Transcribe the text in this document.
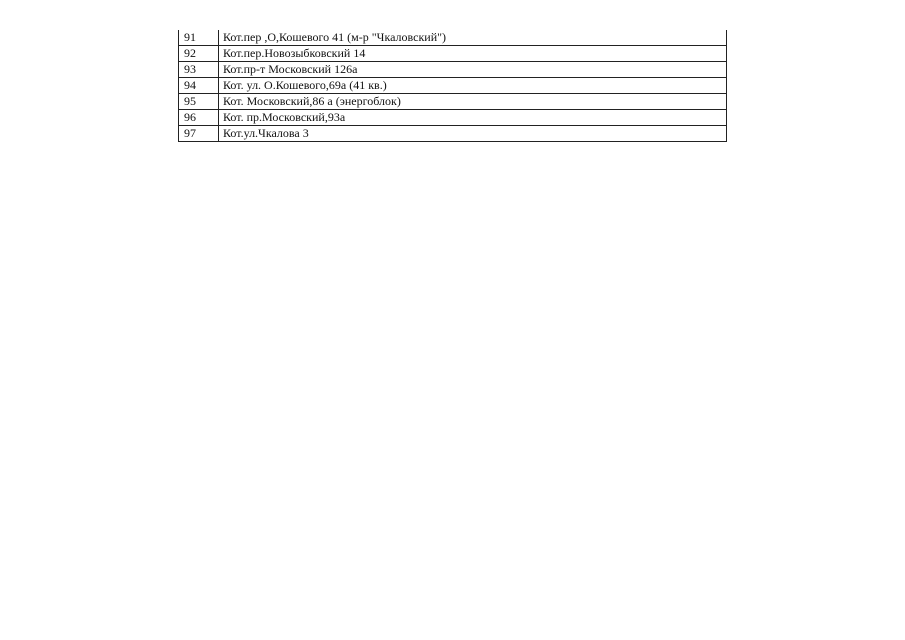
91	Кот.пер ,О,Кошевого 41 (м-р "Чкаловский")
92	Кот.пер.Новозыбковский 14
93	Кот.пр-т Московский 126а
94	Кот. ул. О.Кошевого,69а (41 кв.)
95	Кот. Московский,86 а (энергоблок)
96	Кот. пр.Московский,93а
97	Кот.ул.Чкалова 3
